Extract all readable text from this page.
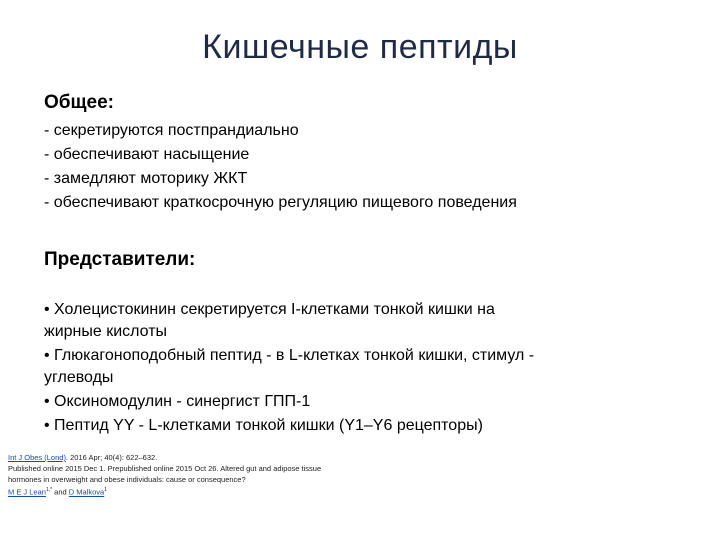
Кишечные пептиды
Общее:
- секретируются постпрандиально
- обеспечивают насыщение
- замедляют моторику ЖКТ
- обеспечивают краткосрочную регуляцию пищевого поведения
Представители:
• Холецистокинин секретируется I-клетками тонкой кишки на
жирные кислоты
• Глюкагоноподобный пептид - в L-клетках тонкой кишки, стимул -
углеводы
• Оксиномодулин - синергист ГПП-1
• Пептид YY - L-клетками тонкой кишки (Y1–Y6 рецепторы)
Int J Obes (Lond). 2016 Apr; 40(4): 622–632.
Published online 2015 Dec 1. Prepublished online 2015 Oct 26. Altered gut and adipose tissue
hormones in overweight and obese individuals: cause or consequence?
M E J Lean$^{1,*}$ and D Malkova$^1$
